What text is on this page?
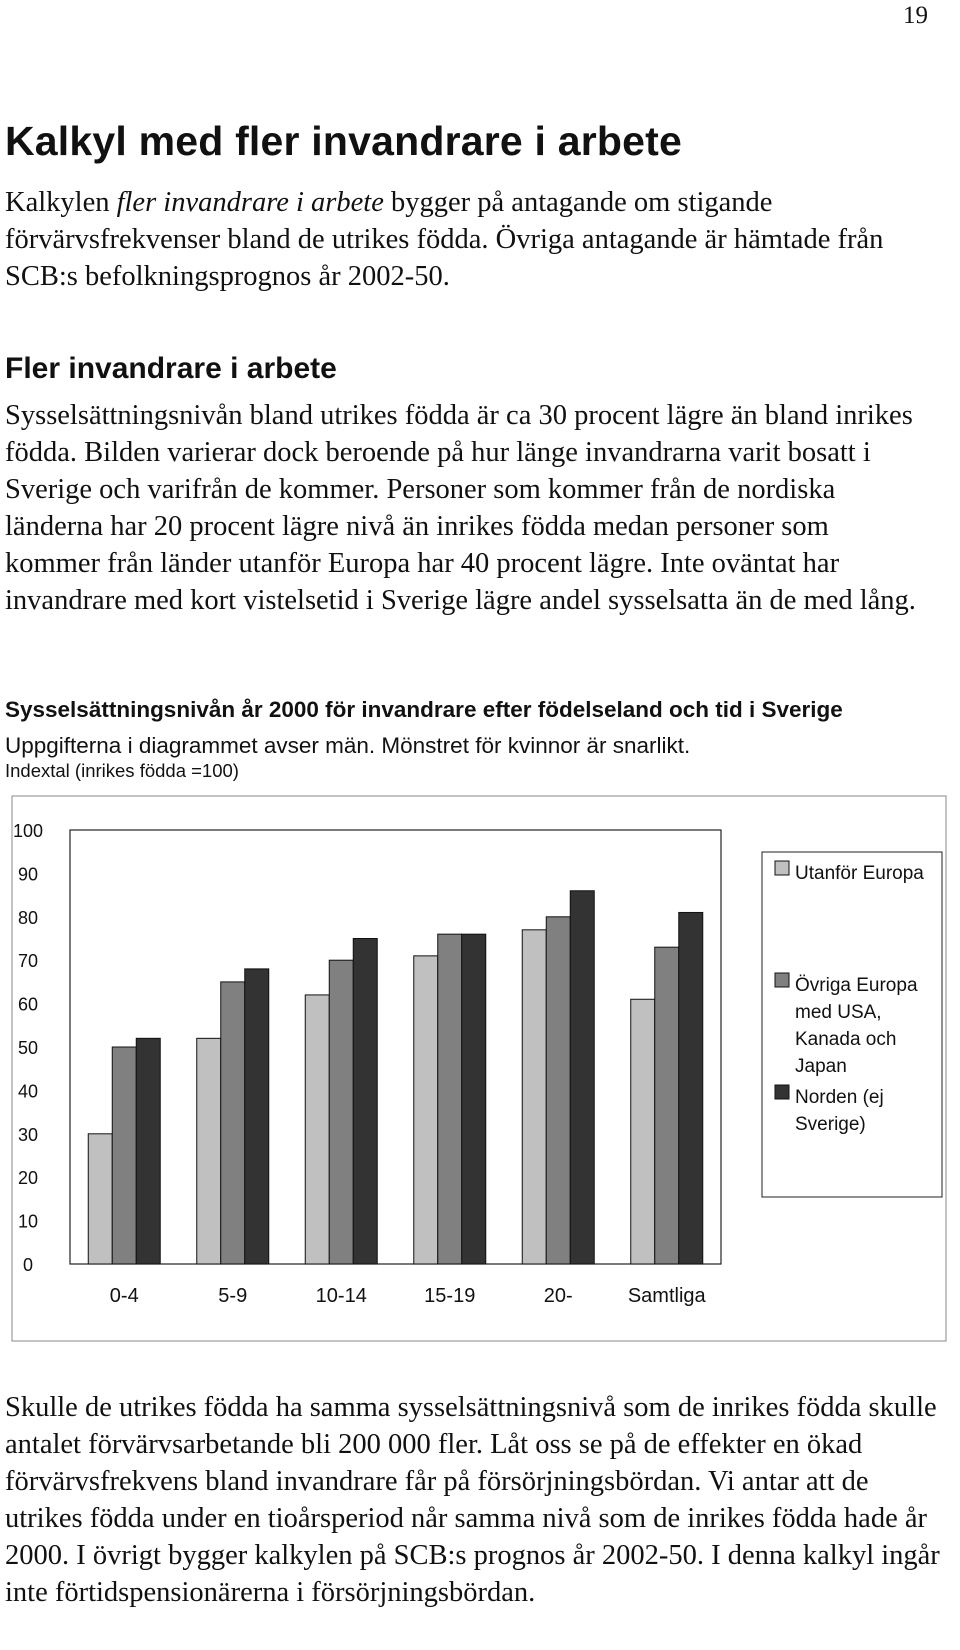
19
Kalkyl med fler invandrare i arbete

Kalkylen fler invandrare i arbete bygger på antagande om stigande förvärvsfrekvenser bland de utrikes födda. Övriga antagande är hämtade från SCB:s befolkningsprognos år 2002-50.

Fler invandrare i arbete

Sysselsättningsnivån bland utrikes födda är ca 30 procent lägre än bland inrikes födda. Bilden varierar dock beroende på hur länge invandrarna varit bosatt i Sverige och varifrån de kommer. Personer som kommer från de nordiska länderna har 20 procent lägre nivå än inrikes födda medan personer som kommer från länder utanför Europa har 40 procent lägre. Inte oväntat har invandrare med kort vistelsetid i Sverige lägre andel sysselsatta än de med lång.

Sysselsättningsnivån år 2000 för invandrare efter födelseland och tid i Sverige

Uppgifterna i diagrammet avser män. Mönstret för kvinnor är snarlikt.

Indextal (inrikes födda =100)

100
90
80
70
60
50
40
30
20
10
0
0-4	5-9	10-14	15-19	20-	Samtliga
Utanför Europa
Övriga Europa
med USA,
Kanada och
Japan
Norden (ej
Sverige)

Skulle de utrikes födda ha samma sysselsättningsnivå som de inrikes födda skulle antalet förvärvsarbetande bli 200 000 fler. Låt oss se på de effekter en ökad förvärvsfrekvens bland invandrare får på försörjningsbördan. Vi antar att de utrikes födda under en tioårsperiod når samma nivå som de inrikes födda hade år 2000. I övrigt bygger kalkylen på SCB:s prognos år 2002-50. I denna kalkyl ingår inte förtidspensionärerna i försörjningsbördan.
